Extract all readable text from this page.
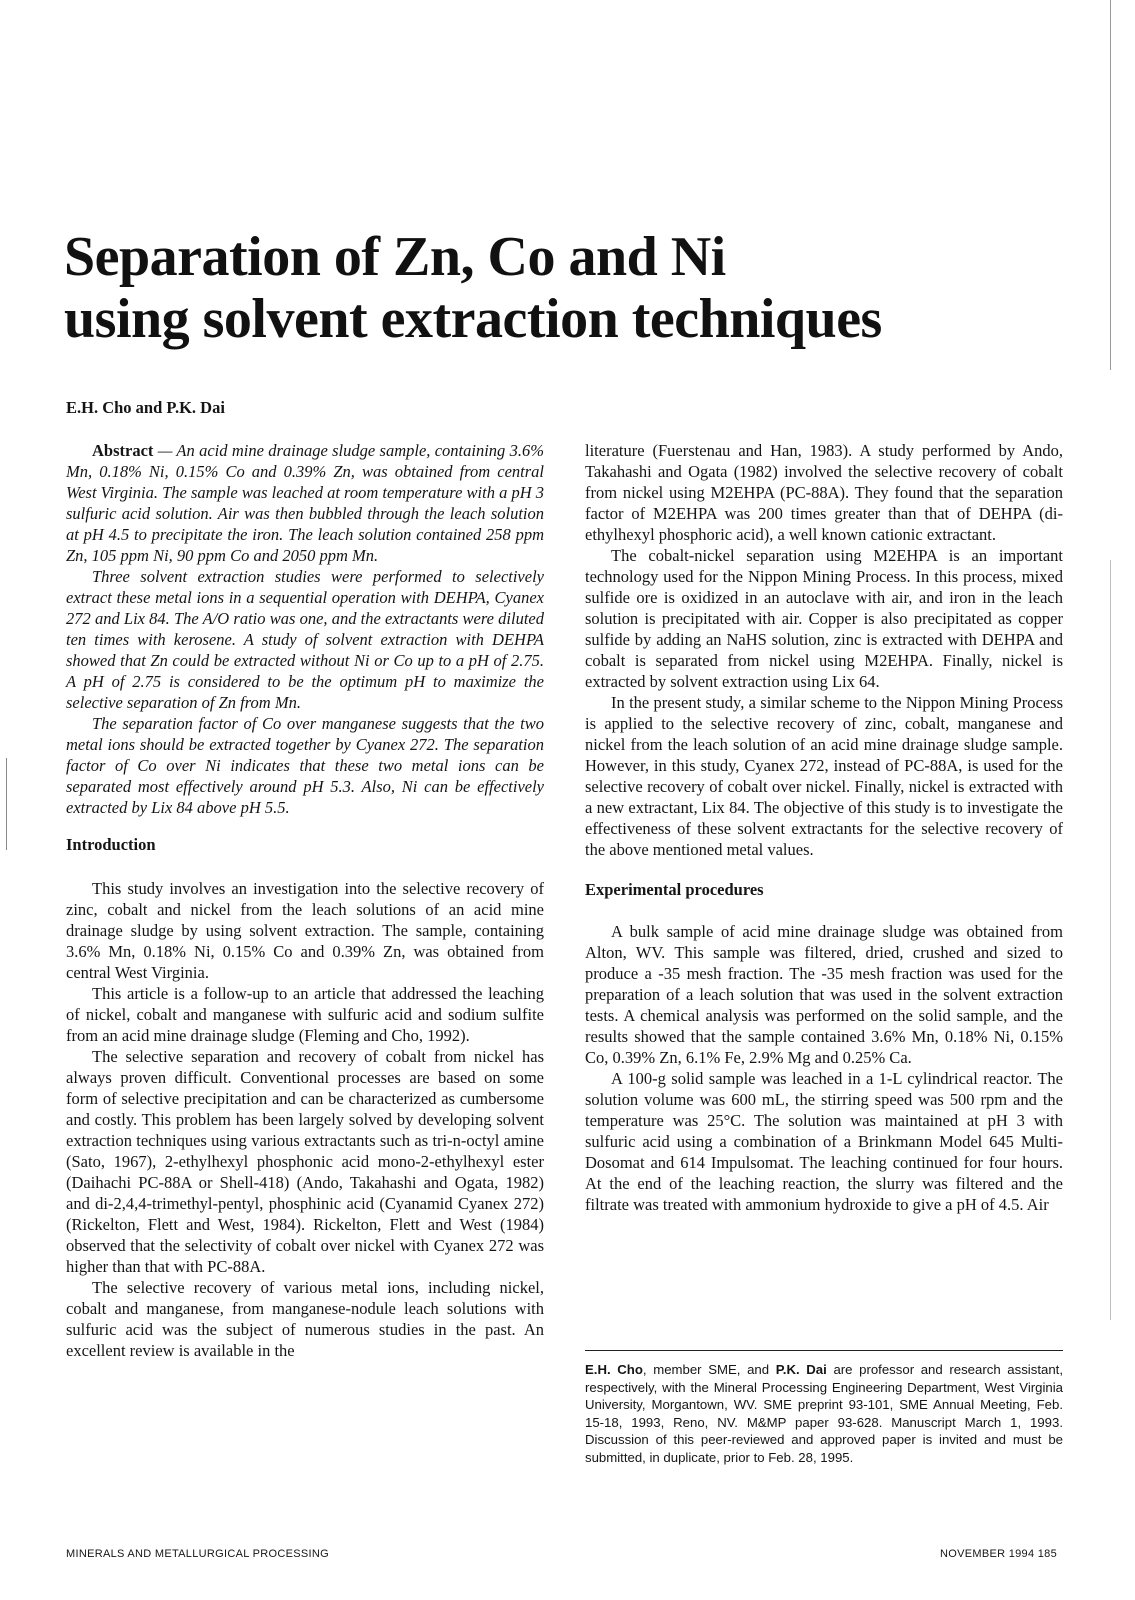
Separation of Zn, Co and Ni
using solvent extraction techniques
E.H. Cho and P.K. Dai

Abstract — An acid mine drainage sludge sample, containing 3.6% Mn, 0.18% Ni, 0.15% Co and 0.39% Zn, was obtained from central West Virginia. The sample was leached at room temperature with a pH 3 sulfuric acid solution. Air was then bubbled through the leach solution at pH 4.5 to precipitate the iron. The leach solution contained 258 ppm Zn, 105 ppm Ni, 90 ppm Co and 2050 ppm Mn.

Three solvent extraction studies were performed to selectively extract these metal ions in a sequential operation with DEHPA, Cyanex 272 and Lix 84. The A/O ratio was one, and the extractants were diluted ten times with kerosene. A study of solvent extraction with DEHPA showed that Zn could be extracted without Ni or Co up to a pH of 2.75. A pH of 2.75 is considered to be the optimum pH to maximize the selective separation of Zn from Mn.

The separation factor of Co over manganese suggests that the two metal ions should be extracted together by Cyanex 272. The separation factor of Co over Ni indicates that these two metal ions can be separated most effectively around pH 5.3. Also, Ni can be effectively extracted by Lix 84 above pH 5.5.

Introduction

This study involves an investigation into the selective recovery of zinc, cobalt and nickel from the leach solutions of an acid mine drainage sludge by using solvent extraction. The sample, containing 3.6% Mn, 0.18% Ni, 0.15% Co and 0.39% Zn, was obtained from central West Virginia.

This article is a follow-up to an article that addressed the leaching of nickel, cobalt and manganese with sulfuric acid and sodium sulfite from an acid mine drainage sludge (Fleming and Cho, 1992).

The selective separation and recovery of cobalt from nickel has always proven difficult. Conventional processes are based on some form of selective precipitation and can be characterized as cumbersome and costly. This problem has been largely solved by developing solvent extraction techniques using various extractants such as tri-n-octyl amine (Sato, 1967), 2-ethylhexyl phosphonic acid mono-2-ethylhexyl ester (Daihachi PC-88A or Shell-418) (Ando, Takahashi and Ogata, 1982) and di-2,4,4-trimethyl-pentyl, phosphinic acid (Cyanamid Cyanex 272) (Rickelton, Flett and West, 1984). Rickelton, Flett and West (1984) observed that the selectivity of cobalt over nickel with Cyanex 272 was higher than that with PC-88A.

The selective recovery of various metal ions, including nickel, cobalt and manganese, from manganese-nodule leach solutions with sulfuric acid was the subject of numerous studies in the past. An excellent review is available in the

literature (Fuerstenau and Han, 1983). A study performed by Ando, Takahashi and Ogata (1982) involved the selective recovery of cobalt from nickel using M2EHPA (PC-88A). They found that the separation factor of M2EHPA was 200 times greater than that of DEHPA (di-ethylhexyl phosphoric acid), a well known cationic extractant.

The cobalt-nickel separation using M2EHPA is an important technology used for the Nippon Mining Process. In this process, mixed sulfide ore is oxidized in an autoclave with air, and iron in the leach solution is precipitated with air. Copper is also precipitated as copper sulfide by adding an NaHS solution, zinc is extracted with DEHPA and cobalt is separated from nickel using M2EHPA. Finally, nickel is extracted by solvent extraction using Lix 64.

In the present study, a similar scheme to the Nippon Mining Process is applied to the selective recovery of zinc, cobalt, manganese and nickel from the leach solution of an acid mine drainage sludge sample. However, in this study, Cyanex 272, instead of PC-88A, is used for the selective recovery of cobalt over nickel. Finally, nickel is extracted with a new extractant, Lix 84. The objective of this study is to investigate the effectiveness of these solvent extractants for the selective recovery of the above mentioned metal values.

Experimental procedures

A bulk sample of acid mine drainage sludge was obtained from Alton, WV. This sample was filtered, dried, crushed and sized to produce a -35 mesh fraction. The -35 mesh fraction was used for the preparation of a leach solution that was used in the solvent extraction tests. A chemical analysis was performed on the solid sample, and the results showed that the sample contained 3.6% Mn, 0.18% Ni, 0.15% Co, 0.39% Zn, 6.1% Fe, 2.9% Mg and 0.25% Ca.

A 100-g solid sample was leached in a 1-L cylindrical reactor. The solution volume was 600 mL, the stirring speed was 500 rpm and the temperature was 25°C. The solution was maintained at pH 3 with sulfuric acid using a combination of a Brinkmann Model 645 Multi-Dosomat and 614 Impulsomat. The leaching continued for four hours. At the end of the leaching reaction, the slurry was filtered and the filtrate was treated with ammonium hydroxide to give a pH of 4.5. Air

E.H. Cho, member SME, and P.K. Dai are professor and research assistant, respectively, with the Mineral Processing Engineering Department, West Virginia University, Morgantown, WV. SME preprint 93-101, SME Annual Meeting, Feb. 15-18, 1993, Reno, NV. M&MP paper 93-628. Manuscript March 1, 1993. Discussion of this peer-reviewed and approved paper is invited and must be submitted, in duplicate, prior to Feb. 28, 1995.
MINERALS AND METALLURGICAL PROCESSING	NOVEMBER 1994 185
